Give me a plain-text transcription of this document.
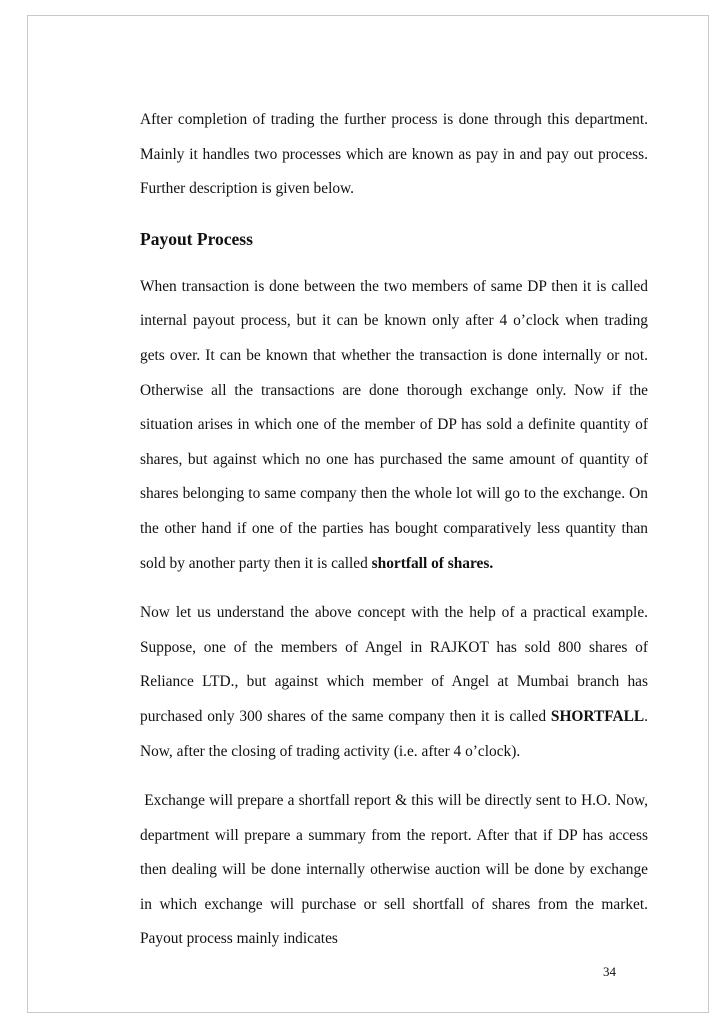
After completion of trading the further process is done through this department. Mainly it handles two processes which are known as pay in and pay out process. Further description is given below.

Payout Process

When transaction is done between the two members of same DP then it is called internal payout process, but it can be known only after 4 o’clock when trading gets over. It can be known that whether the transaction is done internally or not. Otherwise all the transactions are done thorough exchange only. Now if the situation arises in which one of the member of DP has sold a definite quantity of shares, but against which no one has purchased the same amount of quantity of shares belonging to same company then the whole lot will go to the exchange. On the other hand if one of the parties has bought comparatively less quantity than sold by another party then it is called shortfall of shares.

Now let us understand the above concept with the help of a practical example. Suppose, one of the members of Angel in RAJKOT has sold 800 shares of Reliance LTD., but against which member of Angel at Mumbai branch has purchased only 300 shares of the same company then it is called SHORTFALL. Now, after the closing of trading activity (i.e. after 4 o’clock).

Exchange will prepare a shortfall report & this will be directly sent to H.O. Now, department will prepare a summary from the report. After that if DP has access then dealing will be done internally otherwise auction will be done by exchange in which exchange will purchase or sell shortfall of shares from the market. Payout process mainly indicates

34
